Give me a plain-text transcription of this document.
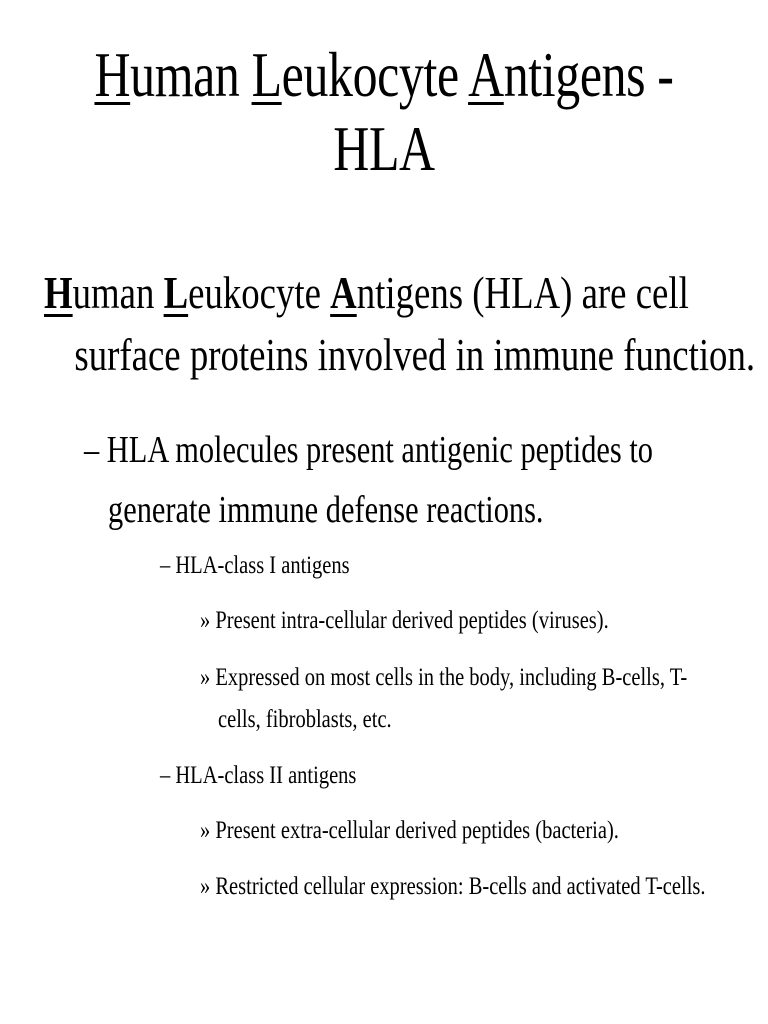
Human Leukocyte Antigens -
HLA
Human Leukocyte Antigens (HLA) are cell
surface proteins involved in immune function.
– HLA molecules present antigenic peptides to
generate immune defense reactions.
– HLA-class I antigens
» Present intra-cellular derived peptides (viruses).
» Expressed on most cells in the body, including B-cells, T-
cells, fibroblasts, etc.
– HLA-class II antigens
» Present extra-cellular derived peptides (bacteria).
» Restricted cellular expression: B-cells and activated T-cells.
